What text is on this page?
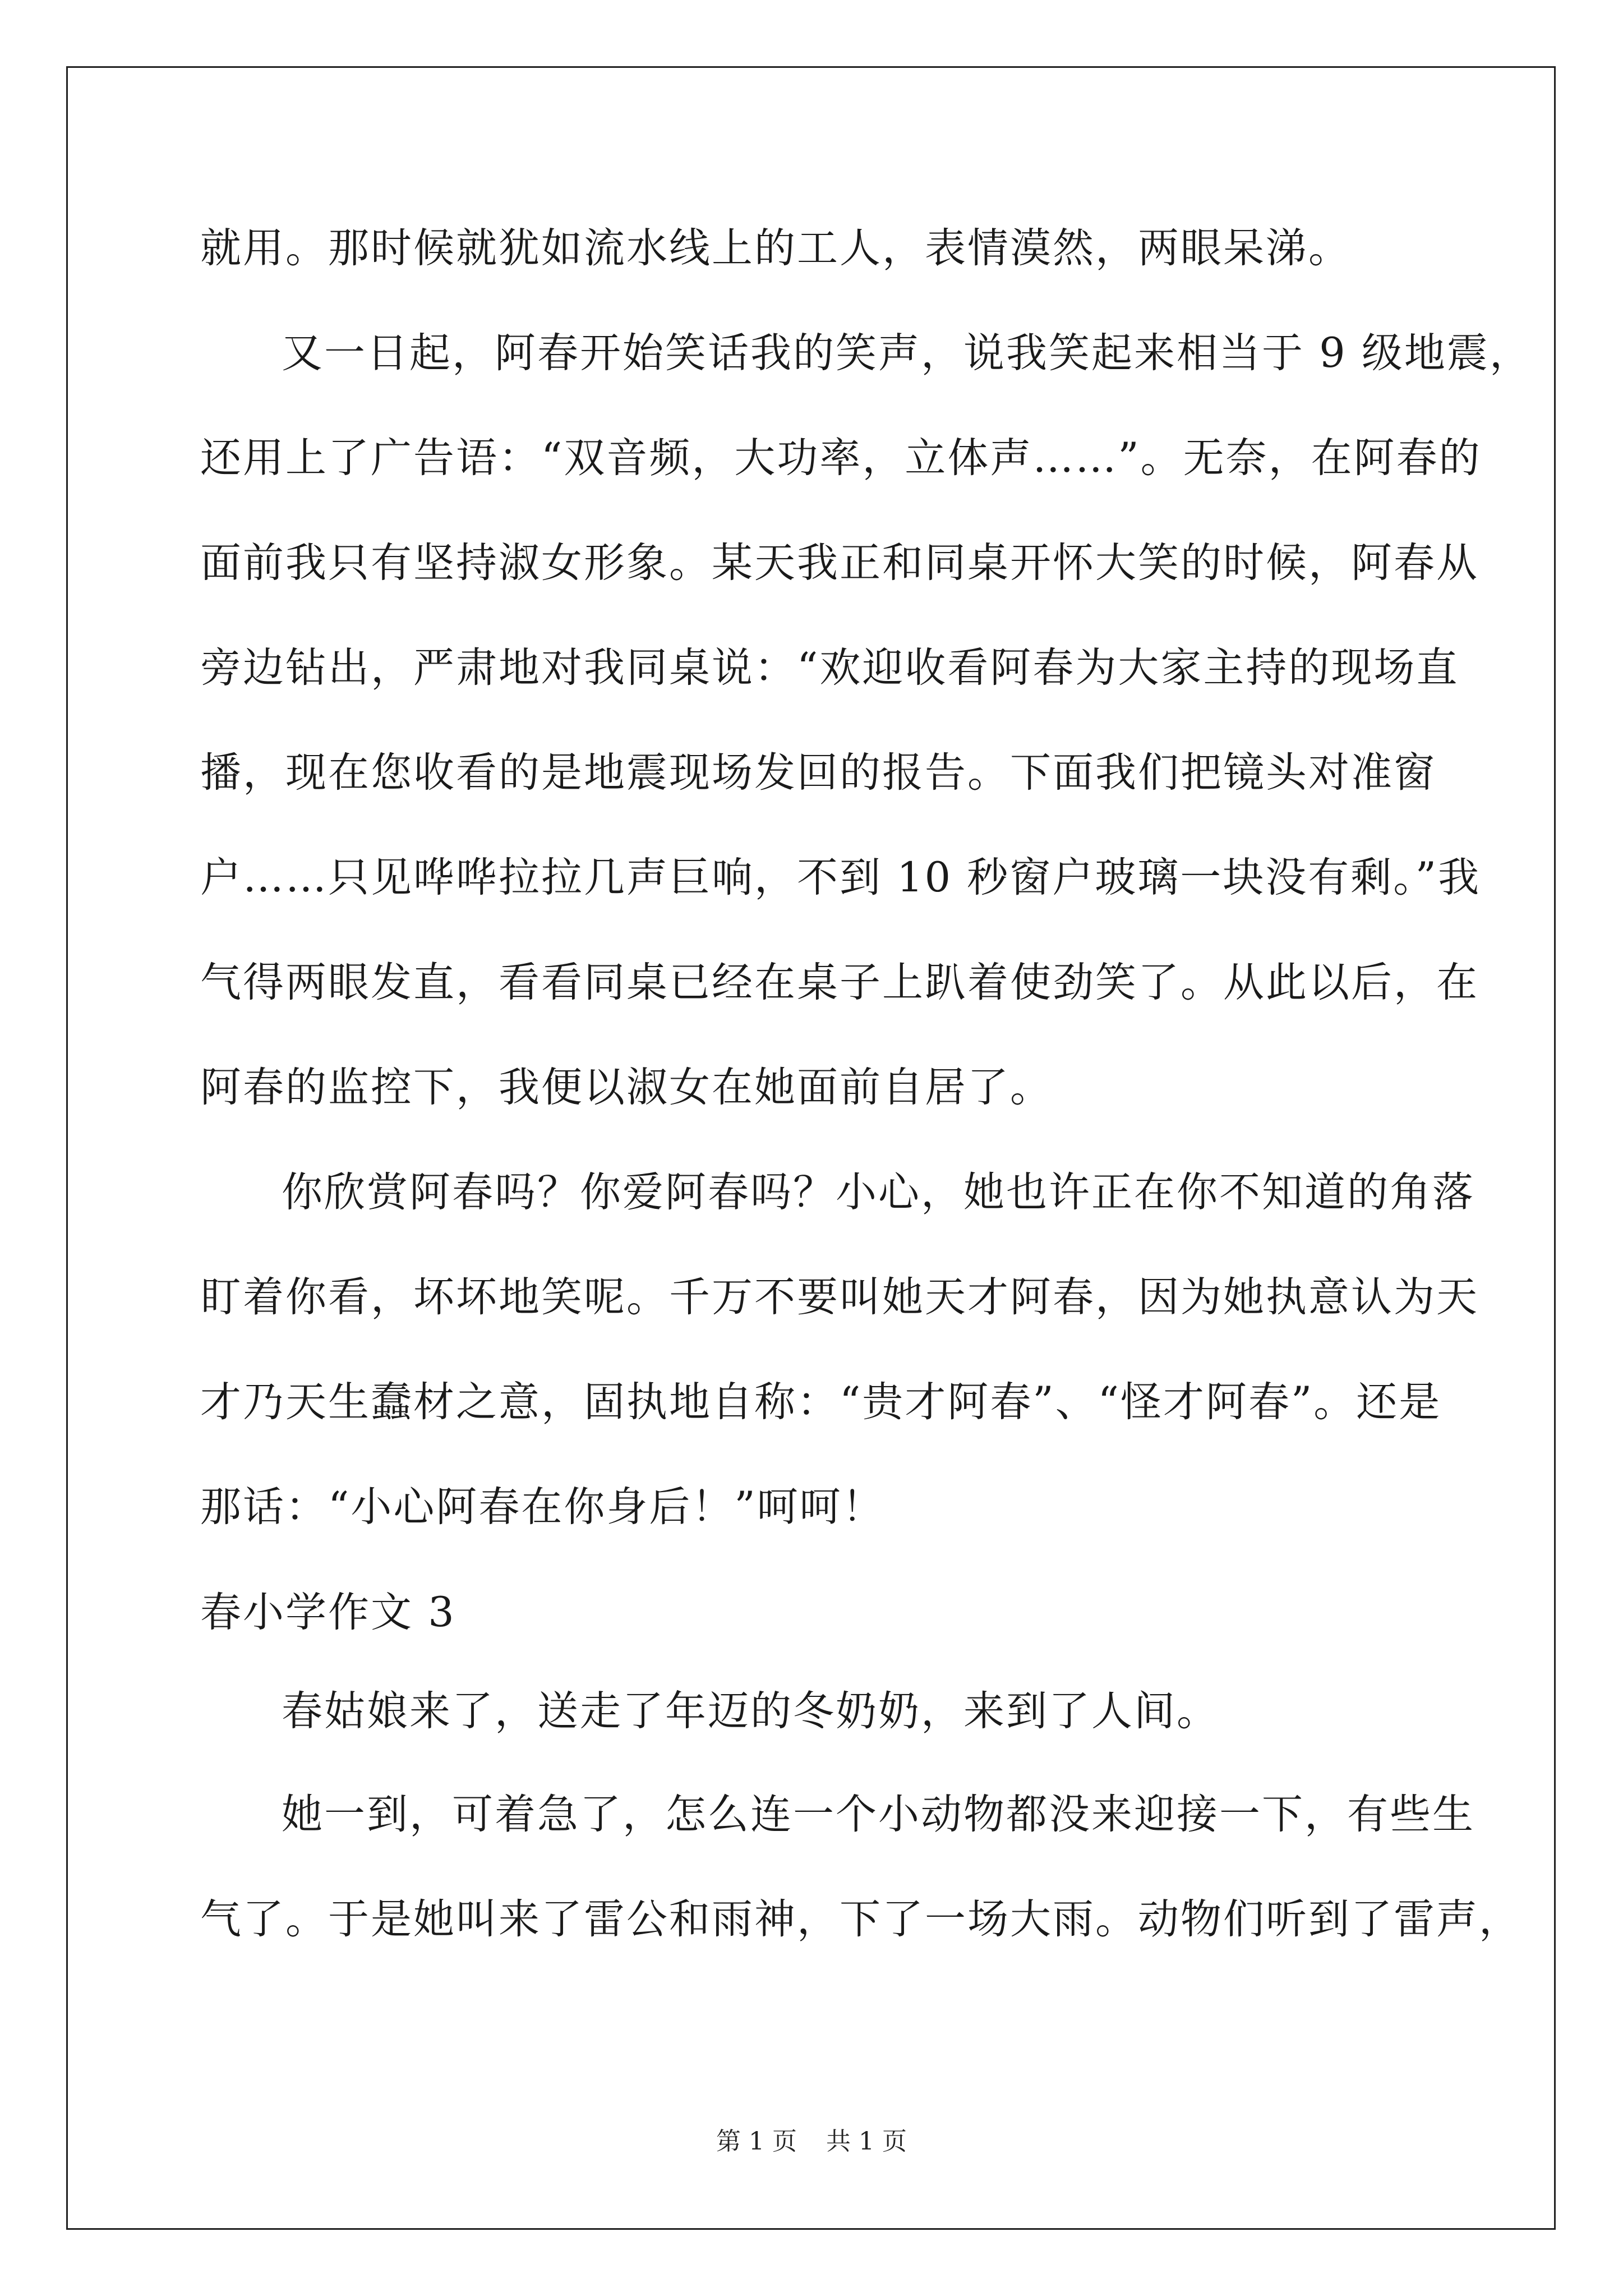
就用。那时候就犹如流水线上的工人，表情漠然，两眼呆涕。
又一日起，阿春开始笑话我的笑声，说我笑起来相当于 9 级地震，
还用上了广告语：“双音频，大功率，立体声……”。无奈，在阿春的
面前我只有坚持淑女形象。某天我正和同桌开怀大笑的时候，阿春从
旁边钻出，严肃地对我同桌说：“欢迎收看阿春为大家主持的现场直
播，现在您收看的是地震现场发回的报告。下面我们把镜头对准窗
户……只见哗哗拉拉几声巨响，不到 10 秒窗户玻璃一块没有剩。”我
气得两眼发直，看看同桌已经在桌子上趴着使劲笑了。从此以后，在
阿春的监控下，我便以淑女在她面前自居了。
你欣赏阿春吗？你爱阿春吗？小心，她也许正在你不知道的角落
盯着你看，坏坏地笑呢。千万不要叫她天才阿春，因为她执意认为天
才乃天生蠢材之意，固执地自称：“贵才阿春”、“怪才阿春”。还是
那话：“小心阿春在你身后！”呵呵！
春小学作文 3
春姑娘来了，送走了年迈的冬奶奶，来到了人间。
她一到，可着急了，怎么连一个小动物都没来迎接一下，有些生
气了。于是她叫来了雷公和雨神，下了一场大雨。动物们听到了雷声，
第 1 页 共 1 页
